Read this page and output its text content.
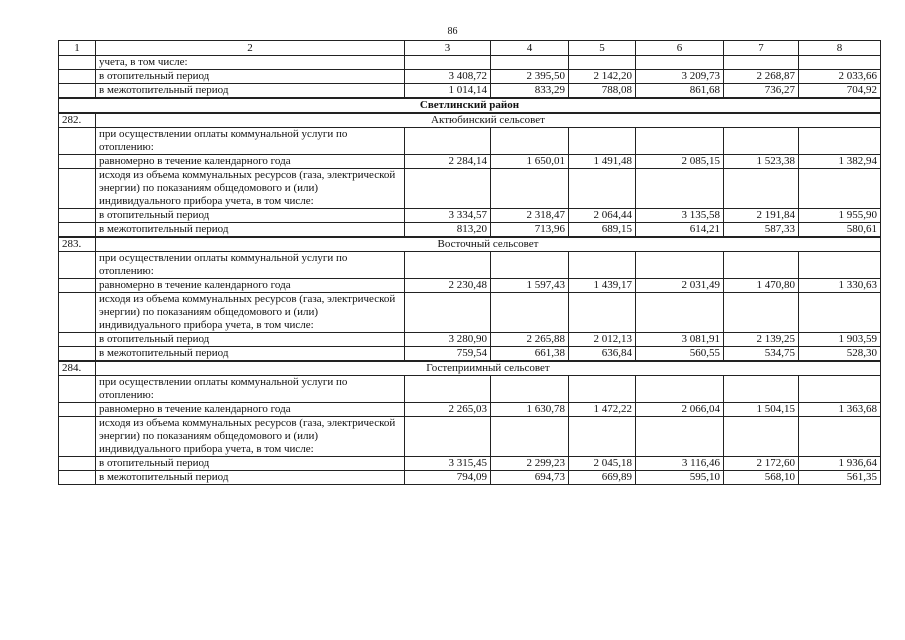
86
1	2	3	4	5	6	7	8
	учета, в том числе:						
	в отопительный период	3 408,72	2 395,50	2 142,20	3 209,73	2 268,87	2 033,66
	в межотопительный период	1 014,14	833,29	788,08	861,68	736,27	704,92
Светлинский район							
282.	Актюбинский сельсовет						
	при осуществлении оплаты коммунальной услуги по отоплению:						
	равномерно в течение календарного года	2 284,14	1 650,01	1 491,48	2 085,15	1 523,38	1 382,94
	исходя из объема коммунальных ресурсов (газа, электрической энергии) по показаниям общедомового и (или) индивидуального прибора учета, в том числе:						
	в отопительный период	3 334,57	2 318,47	2 064,44	3 135,58	2 191,84	1 955,90
	в межотопительный период	813,20	713,96	689,15	614,21	587,33	580,61
283.	Восточный сельсовет						
	при осуществлении оплаты коммунальной услуги по отоплению:						
	равномерно в течение календарного года	2 230,48	1 597,43	1 439,17	2 031,49	1 470,80	1 330,63
	исходя из объема коммунальных ресурсов (газа, электрической энергии) по показаниям общедомового и (или) индивидуального прибора учета, в том числе:						
	в отопительный период	3 280,90	2 265,88	2 012,13	3 081,91	2 139,25	1 903,59
	в межотопительный период	759,54	661,38	636,84	560,55	534,75	528,30
284.	Гостеприимный сельсовет						
	при осуществлении оплаты коммунальной услуги по отоплению:						
	равномерно в течение календарного года	2 265,03	1 630,78	1 472,22	2 066,04	1 504,15	1 363,68
	исходя из объема коммунальных ресурсов (газа, электрической энергии) по показаниям общедомового и (или) индивидуального прибора учета, в том числе:						
	в отопительный период	3 315,45	2 299,23	2 045,18	3 116,46	2 172,60	1 936,64
	в межотопительный период	794,09	694,73	669,89	595,10	568,10	561,35
